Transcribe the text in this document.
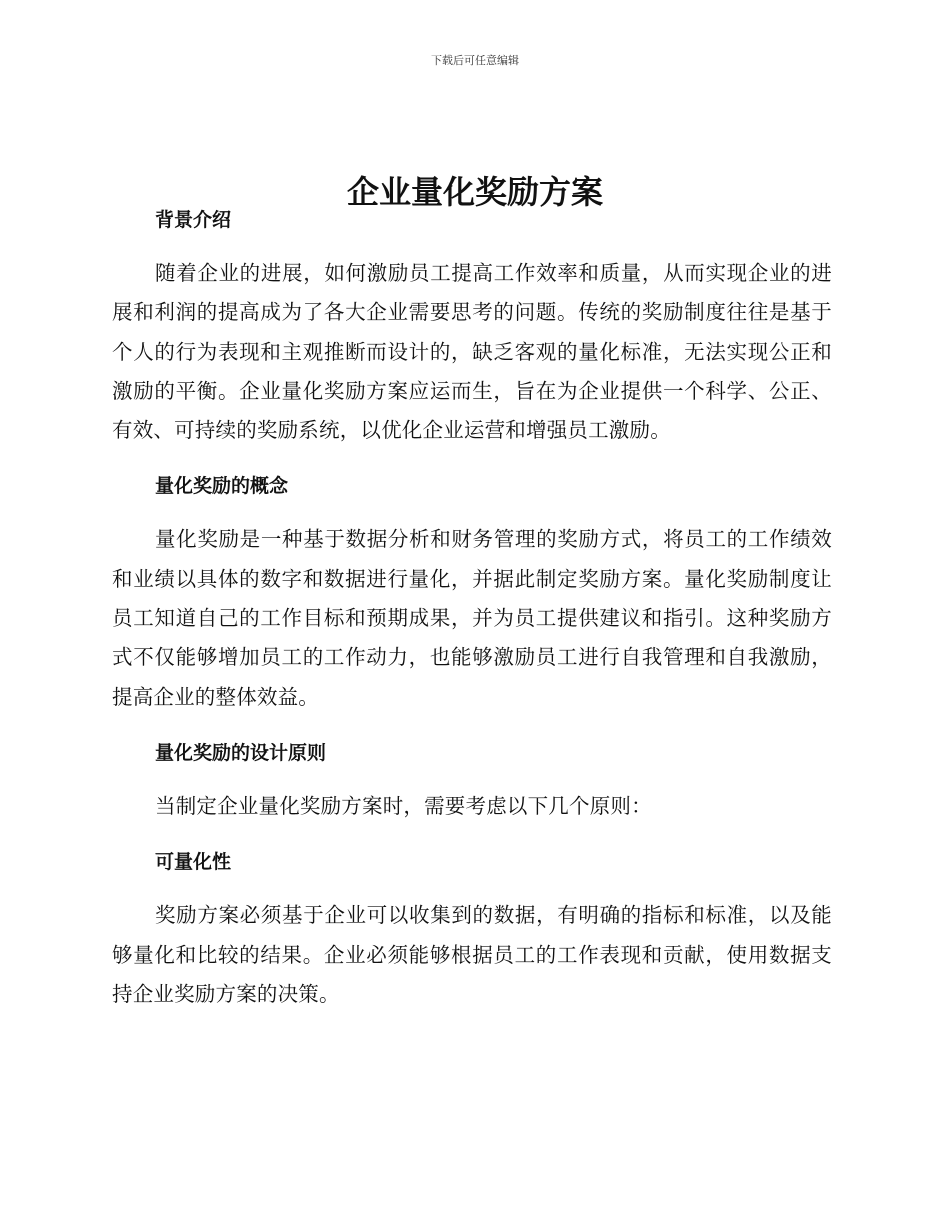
下载后可任意编辑
企业量化奖励方案
背景介绍

随着企业的进展，如何激励员工提高工作效率和质量，从而实现企业的进展和利润的提高成为了各大企业需要思考的问题。传统的奖励制度往往是基于个人的行为表现和主观推断而设计的，缺乏客观的量化标准，无法实现公正和激励的平衡。企业量化奖励方案应运而生，旨在为企业提供一个科学、公正、有效、可持续的奖励系统，以优化企业运营和增强员工激励。

量化奖励的概念

量化奖励是一种基于数据分析和财务管理的奖励方式，将员工的工作绩效和业绩以具体的数字和数据进行量化，并据此制定奖励方案。量化奖励制度让员工知道自己的工作目标和预期成果，并为员工提供建议和指引。这种奖励方式不仅能够增加员工的工作动力，也能够激励员工进行自我管理和自我激励，提高企业的整体效益。

量化奖励的设计原则

当制定企业量化奖励方案时，需要考虑以下几个原则：

可量化性

奖励方案必须基于企业可以收集到的数据，有明确的指标和标准，以及能够量化和比较的结果。企业必须能够根据员工的工作表现和贡献，使用数据支持企业奖励方案的决策。
